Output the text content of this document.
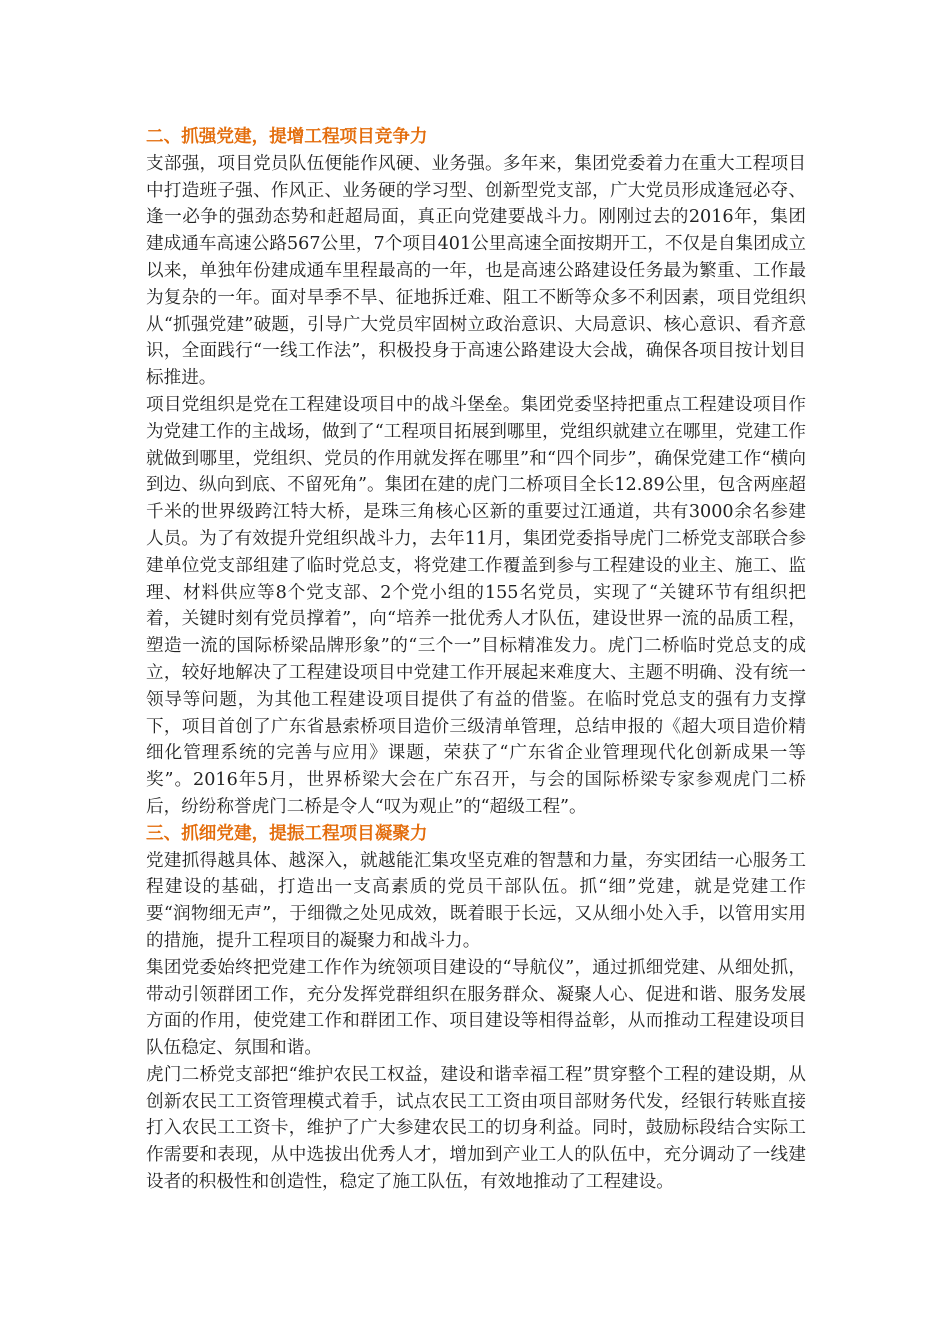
二、抓强党建，提增工程项目竞争力

支部强，项目党员队伍便能作风硬、业务强。多年来，集团党委着力在重大工程项目中打造班子强、作风正、业务硬的学习型、创新型党支部，广大党员形成逢冠必夺、逢一必争的强劲态势和赶超局面，真正向党建要战斗力。刚刚过去的2016年，集团建成通车高速公路567公里，7个项目401公里高速全面按期开工，不仅是自集团成立以来，单独年份建成通车里程最高的一年，也是高速公路建设任务最为繁重、工作最为复杂的一年。面对旱季不旱、征地拆迁难、阻工不断等众多不利因素，项目党组织从“抓强党建”破题，引导广大党员牢固树立政治意识、大局意识、核心意识、看齐意识，全面践行“一线工作法”，积极投身于高速公路建设大会战，确保各项目按计划目标推进。

项目党组织是党在工程建设项目中的战斗堡垒。集团党委坚持把重点工程建设项目作为党建工作的主战场，做到了“工程项目拓展到哪里，党组织就建立在哪里，党建工作就做到哪里，党组织、党员的作用就发挥在哪里”和“四个同步”，确保党建工作“横向到边、纵向到底、不留死角”。集团在建的虎门二桥项目全长12.89公里，包含两座超千米的世界级跨江特大桥，是珠三角核心区新的重要过江通道，共有3000余名参建人员。为了有效提升党组织战斗力，去年11月，集团党委指导虎门二桥党支部联合参建单位党支部组建了临时党总支，将党建工作覆盖到参与工程建设的业主、施工、监理、材料供应等8个党支部、2个党小组的155名党员，实现了“关键环节有组织把着，关键时刻有党员撑着”，向“培养一批优秀人才队伍，建设世界一流的品质工程，塑造一流的国际桥梁品牌形象”的“三个一”目标精准发力。虎门二桥临时党总支的成立，较好地解决了工程建设项目中党建工作开展起来难度大、主题不明确、没有统一领导等问题，为其他工程建设项目提供了有益的借鉴。在临时党总支的强有力支撑下，项目首创了广东省悬索桥项目造价三级清单管理，总结申报的《超大项目造价精细化管理系统的完善与应用》课题，荣获了“广东省企业管理现代化创新成果一等奖”。2016年5月，世界桥梁大会在广东召开，与会的国际桥梁专家参观虎门二桥后，纷纷称誉虎门二桥是令人“叹为观止”的“超级工程”。

三、抓细党建，提振工程项目凝聚力

党建抓得越具体、越深入，就越能汇集攻坚克难的智慧和力量，夯实团结一心服务工程建设的基础，打造出一支高素质的党员干部队伍。抓“细”党建，就是党建工作要“润物细无声”，于细微之处见成效，既着眼于长远，又从细小处入手，以管用实用的措施，提升工程项目的凝聚力和战斗力。

集团党委始终把党建工作作为统领项目建设的“导航仪”，通过抓细党建、从细处抓，带动引领群团工作，充分发挥党群组织在服务群众、凝聚人心、促进和谐、服务发展方面的作用，使党建工作和群团工作、项目建设等相得益彰，从而推动工程建设项目队伍稳定、氛围和谐。

虎门二桥党支部把“维护农民工权益，建设和谐幸福工程”贯穿整个工程的建设期，从创新农民工工资管理模式着手，试点农民工工资由项目部财务代发，经银行转账直接打入农民工工资卡，维护了广大参建农民工的切身利益。同时，鼓励标段结合实际工作需要和表现，从中选拔出优秀人才，增加到产业工人的队伍中，充分调动了一线建设者的积极性和创造性，稳定了施工队伍，有效地推动了工程建设。
